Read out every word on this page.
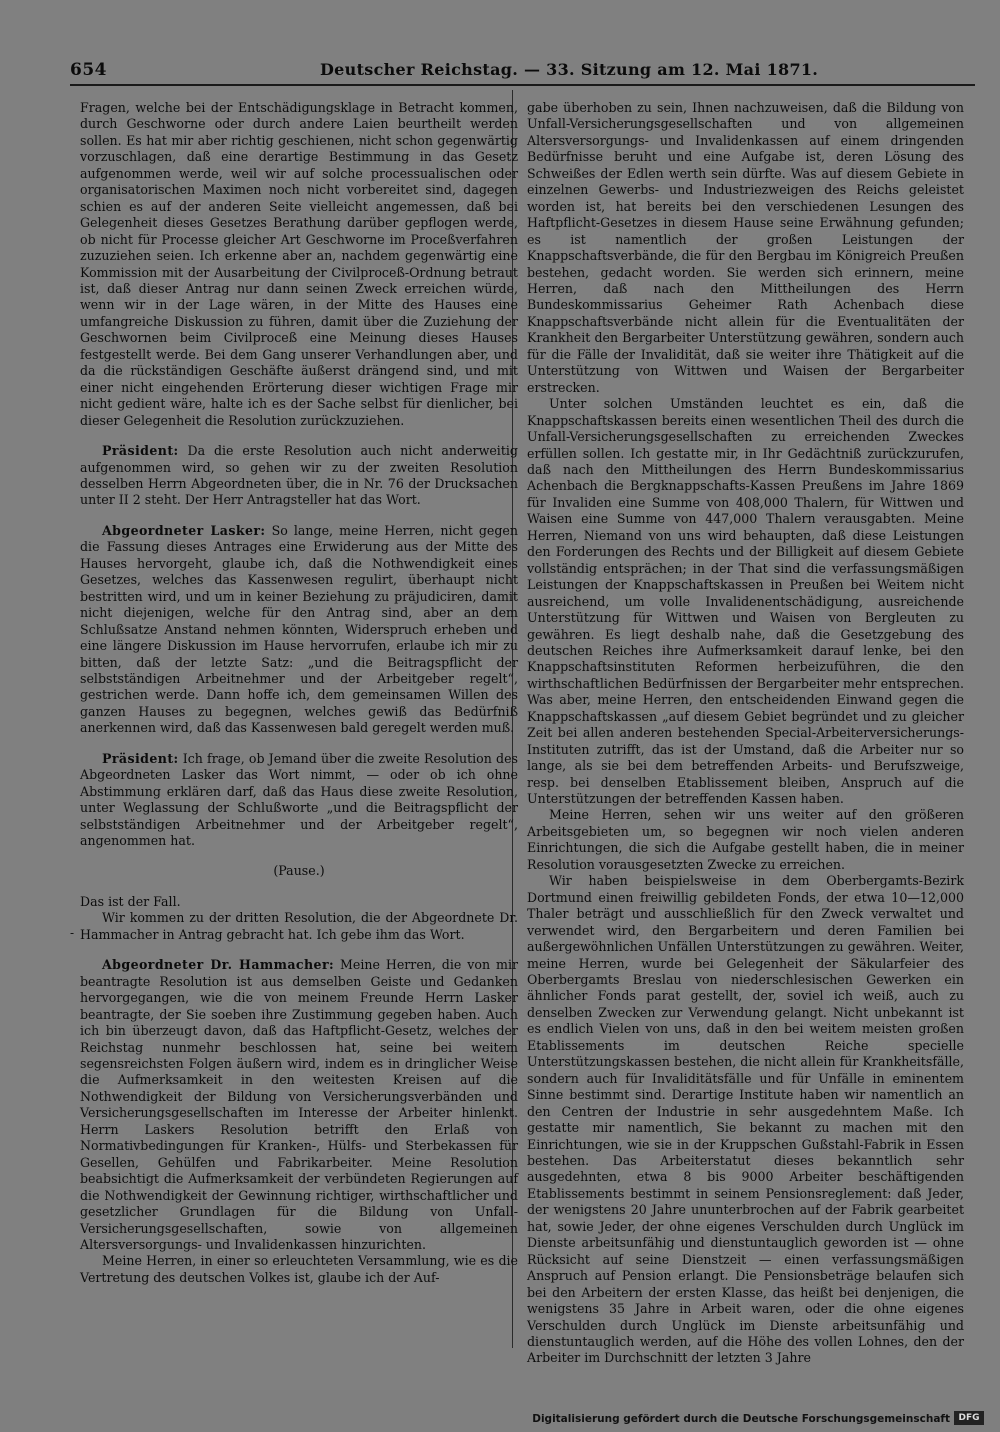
654	Deutscher Reichstag. — 33. Sitzung am 12. Mai 1871.

Fragen, welche bei der Entschädigungsklage in Betracht kommen, durch Geschworne oder durch andere Laien beurtheilt werden sollen. Es hat mir aber richtig geschienen, nicht schon gegenwärtig vorzuschlagen, daß eine derartige Bestimmung in das Gesetz aufgenommen werde, weil wir auf solche processualischen oder organisatorischen Maximen noch nicht vorbereitet sind, dagegen schien es auf der anderen Seite vielleicht angemessen, daß bei Gelegenheit dieses Gesetzes Berathung darüber gepflogen werde, ob nicht für Processe gleicher Art Geschworne im Proceßverfahren zuzuziehen seien. Ich erkenne aber an, nachdem gegenwärtig eine Kommission mit der Ausarbeitung der Civilproceß-Ordnung betraut ist, daß dieser Antrag nur dann seinen Zweck erreichen würde, wenn wir in der Lage wären, in der Mitte des Hauses eine umfangreiche Diskussion zu führen, damit über die Zuziehung der Geschwornen beim Civilproceß eine Meinung dieses Hauses festgestellt werde. Bei dem Gang unserer Verhandlungen aber, und da die rückständigen Geschäfte äußerst drängend sind, und mit einer nicht eingehenden Erörterung dieser wichtigen Frage mir nicht gedient wäre, halte ich es der Sache selbst für dienlicher, bei dieser Gelegenheit die Resolution zurückzuziehen.

Präsident: Da die erste Resolution auch nicht anderweitig aufgenommen wird, so gehen wir zu der zweiten Resolution desselben Herrn Abgeordneten über, die in Nr. 76 der Drucksachen unter II 2 steht. Der Herr Antragsteller hat das Wort.

Abgeordneter Lasker: So lange, meine Herren, nicht gegen die Fassung dieses Antrages eine Erwiderung aus der Mitte des Hauses hervorgeht, glaube ich, daß die Nothwendigkeit eines Gesetzes, welches das Kassenwesen regulirt, überhaupt nicht bestritten wird, und um in keiner Beziehung zu präjudiciren, damit nicht diejenigen, welche für den Antrag sind, aber an dem Schlußsatze Anstand nehmen könnten, Widerspruch erheben und eine längere Diskussion im Hause hervorrufen, erlaube ich mir zu bitten, daß der letzte Satz: „und die Beitragspflicht der selbstständigen Arbeitnehmer und der Arbeitgeber regelt“, gestrichen werde. Dann hoffe ich, dem gemeinsamen Willen des ganzen Hauses zu begegnen, welches gewiß das Bedürfniß anerkennen wird, daß das Kassenwesen bald geregelt werden muß.

Präsident: Ich frage, ob Jemand über die zweite Resolution des Abgeordneten Lasker das Wort nimmt, — oder ob ich ohne Abstimmung erklären darf, daß das Haus diese zweite Resolution, unter Weglassung der Schlußworte „und die Beitragspflicht der selbstständigen Arbeitnehmer und der Arbeitgeber regelt“, angenommen hat.

(Pause.)

Das ist der Fall.

Wir kommen zu der dritten Resolution, die der Abgeordnete Dr. Hammacher in Antrag gebracht hat. Ich gebe ihm das Wort.

Abgeordneter Dr. Hammacher: Meine Herren, die von mir beantragte Resolution ist aus demselben Geiste und Gedanken hervorgegangen, wie die von meinem Freunde Herrn Lasker beantragte, der Sie soeben ihre Zustimmung gegeben haben. Auch ich bin überzeugt davon, daß das Haftpflicht-Gesetz, welches der Reichstag nunmehr beschlossen hat, seine bei weitem segensreichsten Folgen äußern wird, indem es in dringlicher Weise die Aufmerksamkeit in den weitesten Kreisen auf die Nothwendigkeit der Bildung von Versicherungsverbänden und Versicherungsgesellschaften im Interesse der Arbeiter hinlenkt. Herrn Laskers Resolution betrifft den Erlaß von Normativbedingungen für Kranken-, Hülfs- und Sterbekassen für Gesellen, Gehülfen und Fabrikarbeiter. Meine Resolution beabsichtigt die Aufmerksamkeit der verbündeten Regierungen auf die Nothwendigkeit der Gewinnung richtiger, wirthschaftlicher und gesetzlicher Grundlagen für die Bildung von Unfall-Versicherungsgesellschaften, sowie von allgemeinen Altersversorgungs- und Invalidenkassen hinzurichten.

Meine Herren, in einer so erleuchteten Versammlung, wie es die Vertretung des deutschen Volkes ist, glaube ich der Auf-

gabe überhoben zu sein, Ihnen nachzuweisen, daß die Bildung von Unfall-Versicherungsgesellschaften und von allgemeinen Altersversorgungs- und Invalidenkassen auf einem dringenden Bedürfnisse beruht und eine Aufgabe ist, deren Lösung des Schweißes der Edlen werth sein dürfte. Was auf diesem Gebiete in einzelnen Gewerbs- und Industriezweigen des Reichs geleistet worden ist, hat bereits bei den verschiedenen Lesungen des Haftpflicht-Gesetzes in diesem Hause seine Erwähnung gefunden; es ist namentlich der großen Leistungen der Knappschaftsverbände, die für den Bergbau im Königreich Preußen bestehen, gedacht worden. Sie werden sich erinnern, meine Herren, daß nach den Mittheilungen des Herrn Bundeskommissarius Geheimer Rath Achenbach diese Knappschaftsverbände nicht allein für die Eventualitäten der Krankheit den Bergarbeiter Unterstützung gewähren, sondern auch für die Fälle der Invalidität, daß sie weiter ihre Thätigkeit auf die Unterstützung von Wittwen und Waisen der Bergarbeiter erstrecken.

Unter solchen Umständen leuchtet es ein, daß die Knappschaftskassen bereits einen wesentlichen Theil des durch die Unfall-Versicherungsgesellschaften zu erreichenden Zweckes erfüllen sollen. Ich gestatte mir, in Ihr Gedächtniß zurückzurufen, daß nach den Mittheilungen des Herrn Bundeskommissarius Achenbach die Bergknappschafts-Kassen Preußens im Jahre 1869 für Invaliden eine Summe von 408,000 Thalern, für Wittwen und Waisen eine Summe von 447,000 Thalern verausgabten. Meine Herren, Niemand von uns wird behaupten, daß diese Leistungen den Forderungen des Rechts und der Billigkeit auf diesem Gebiete vollständig entsprächen; in der That sind die verfassungsmäßigen Leistungen der Knappschaftskassen in Preußen bei Weitem nicht ausreichend, um volle Invalidenentschädigung, ausreichende Unterstützung für Wittwen und Waisen von Bergleuten zu gewähren. Es liegt deshalb nahe, daß die Gesetzgebung des deutschen Reiches ihre Aufmerksamkeit darauf lenke, bei den Knappschaftsinstituten Reformen herbeizuführen, die den wirthschaftlichen Bedürfnissen der Bergarbeiter mehr entsprechen. Was aber, meine Herren, den entscheidenden Einwand gegen die Knappschaftskassen „auf diesem Gebiet begründet und zu gleicher Zeit bei allen anderen bestehenden Special-Arbeiterversicherungs-Instituten zutrifft, das ist der Umstand, daß die Arbeiter nur so lange, als sie bei dem betreffenden Arbeits- und Berufszweige, resp. bei denselben Etablissement bleiben, Anspruch auf die Unterstützungen der betreffenden Kassen haben.

Meine Herren, sehen wir uns weiter auf den größeren Arbeitsgebieten um, so begegnen wir noch vielen anderen Einrichtungen, die sich die Aufgabe gestellt haben, die in meiner Resolution vorausgesetzten Zwecke zu erreichen.

Wir haben beispielsweise in dem Oberbergamts-Bezirk Dortmund einen freiwillig gebildeten Fonds, der etwa 10—12,000 Thaler beträgt und ausschließlich für den Zweck verwaltet und verwendet wird, den Bergarbeitern und deren Familien bei außergewöhnlichen Unfällen Unterstützungen zu gewähren. Weiter, meine Herren, wurde bei Gelegenheit der Säkularfeier des Oberbergamts Breslau von niederschlesischen Gewerken ein ähnlicher Fonds parat gestellt, der, soviel ich weiß, auch zu denselben Zwecken zur Verwendung gelangt. Nicht unbekannt ist es endlich Vielen von uns, daß in den bei weitem meisten großen Etablissements im deutschen Reiche specielle Unterstützungskassen bestehen, die nicht allein für Krankheitsfälle, sondern auch für Invaliditätsfälle und für Unfälle in eminentem Sinne bestimmt sind. Derartige Institute haben wir namentlich an den Centren der Industrie in sehr ausgedehntem Maße. Ich gestatte mir namentlich, Sie bekannt zu machen mit den Einrichtungen, wie sie in der Kruppschen Gußstahl-Fabrik in Essen bestehen. Das Arbeiterstatut dieses bekanntlich sehr ausgedehnten, etwa 8 bis 9000 Arbeiter beschäftigenden Etablissements bestimmt in seinem Pensionsreglement: daß Jeder, der wenigstens 20 Jahre ununterbrochen auf der Fabrik gearbeitet hat, sowie Jeder, der ohne eigenes Verschulden durch Unglück im Dienste arbeitsunfähig und dienstuntauglich geworden ist — ohne Rücksicht auf seine Dienstzeit — einen verfassungsmäßigen Anspruch auf Pension erlangt. Die Pensionsbeträge belaufen sich bei den Arbeitern der ersten Klasse, das heißt bei denjenigen, die wenigstens 35 Jahre in Arbeit waren, oder die ohne eigenes Verschulden durch Unglück im Dienste arbeitsunfähig und dienstuntauglich werden, auf die Höhe des vollen Lohnes, den der Arbeiter im Durchschnitt der letzten 3 Jahre

-
Digitalisierung gefördert durch die Deutsche Forschungsgemeinschaft DFG
